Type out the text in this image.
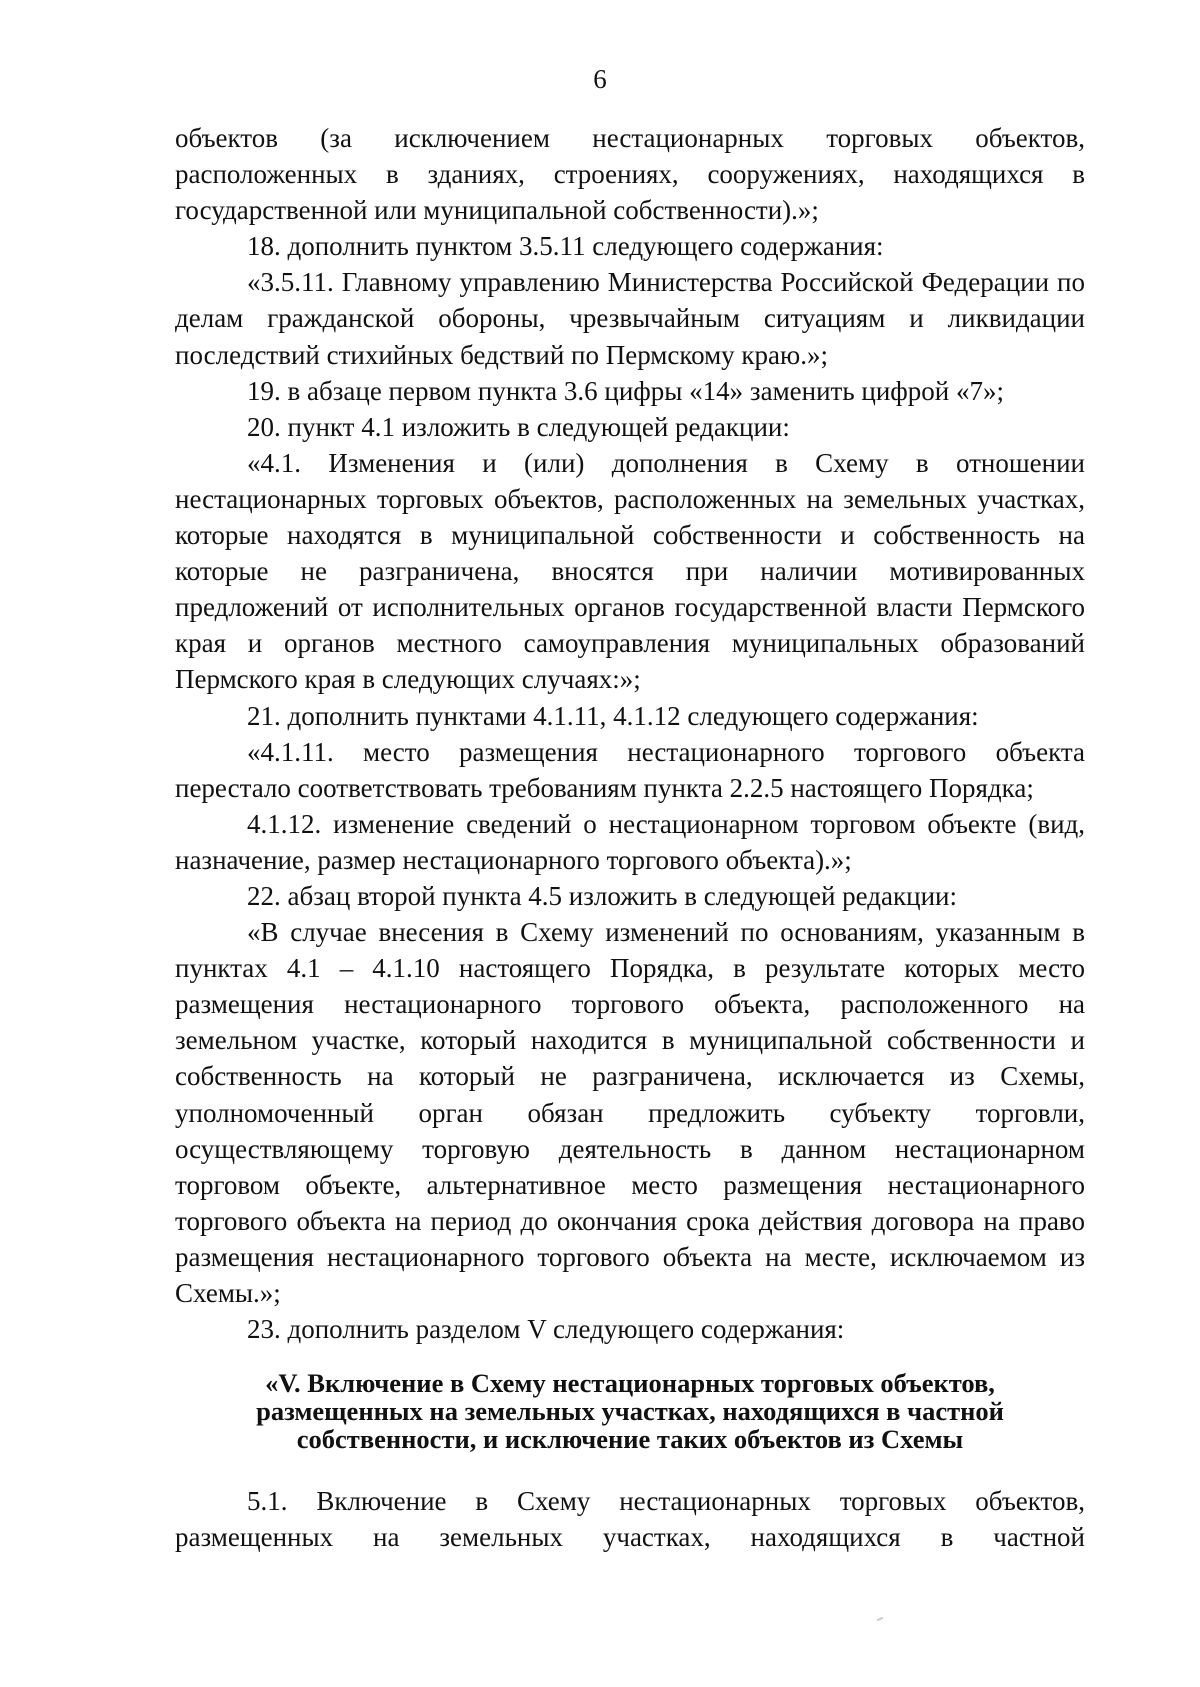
6

объектов (за исключением нестационарных торговых объектов, расположенных в зданиях, строениях, сооружениях, находящихся в государственной или муниципальной собственности).»;

18. дополнить пунктом 3.5.11 следующего содержания:

«3.5.11. Главному управлению Министерства Российской Федерации по делам гражданской обороны, чрезвычайным ситуациям и ликвидации последствий стихийных бедствий по Пермскому краю.»;

19. в абзаце первом пункта 3.6 цифры «14» заменить цифрой «7»;

20. пункт 4.1 изложить в следующей редакции:

«4.1. Изменения и (или) дополнения в Схему в отношении нестационарных торговых объектов, расположенных на земельных участках, которые находятся в муниципальной собственности и собственность на которые не разграничена, вносятся при наличии мотивированных предложений от исполнительных органов государственной власти Пермского края и органов местного самоуправления муниципальных образований Пермского края в следующих случаях:»;

21. дополнить пунктами 4.1.11, 4.1.12 следующего содержания:

«4.1.11. место размещения нестационарного торгового объекта перестало соответствовать требованиям пункта 2.2.5 настоящего Порядка;

4.1.12. изменение сведений о нестационарном торговом объекте (вид, назначение, размер нестационарного торгового объекта).»;

22. абзац второй пункта 4.5 изложить в следующей редакции:

«В случае внесения в Схему изменений по основаниям, указанным в пунктах 4.1 – 4.1.10 настоящего Порядка, в результате которых место размещения нестационарного торгового объекта, расположенного на земельном участке, который находится в муниципальной собственности и собственность на который не разграничена, исключается из Схемы, уполномоченный орган обязан предложить субъекту торговли, осуществляющему торговую деятельность в данном нестационарном торговом объекте, альтернативное место размещения нестационарного торгового объекта на период до окончания срока действия договора на право размещения нестационарного торгового объекта на месте, исключаемом из Схемы.»;

23. дополнить разделом V следующего содержания:

«V. Включение в Схему нестационарных торговых объектов,
размещенных на земельных участках, находящихся в частной
собственности, и исключение таких объектов из Схемы

5.1. Включение в Схему нестационарных торговых объектов, размещенных на земельных участках, находящихся в частной
